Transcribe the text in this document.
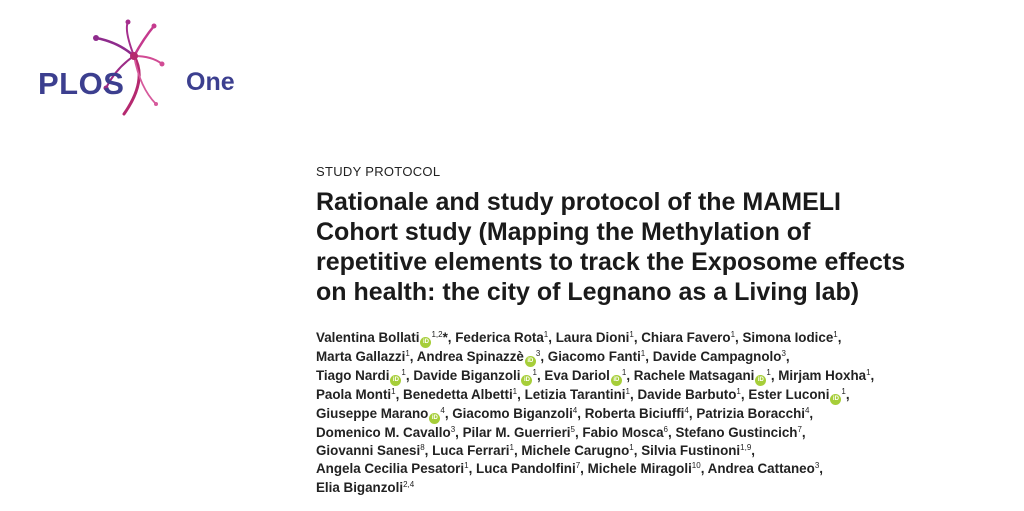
PLOS One
STUDY PROTOCOL
Rationale and study protocol of the MAMELI
Cohort study (Mapping the Methylation of
repetitive elements to track the Exposome effects
on health: the city of Legnano as a Living lab)
Valentina Bollati iD$^{1,2}$*, Federica Rota$^1$, Laura Dioni$^1$, Chiara Favero$^1$, Simona Iodice$^1$,
Marta Gallazzi$^1$, Andrea Spinazzè $iD^3$, Giacomo Fanti$^1$, Davide Campagnolo$^3$,
Tiago Nardi $iD^1$, Davide Biganzoli $iD^1$, Eva Dariol $iD^1$, Rachele Matsagani $iD^1$, Mirjam Hoxha$^1$,
Paola Monti$^1$, Benedetta Albetti$^1$, Letizia Tarantini$^1$, Davide Barbuto$^1$, Ester Luconi $iD^1$,
Giuseppe Marano $iD^4$, Giacomo Biganzoli$^4$, Roberta Biciuffi$^4$, Patrizia Boracchi$^4$,
Domenico M. Cavallo$^3$, Pilar M. Guerrieri$^5$, Fabio Mosca$^6$, Stefano Gustincich$^7$,
Giovanni Sanesi$^8$, Luca Ferrari$^1$, Michele Carugno$^1$, Silvia Fustinoni$^{1,9}$,
Angela Cecilia Pesatori$^1$, Luca Pandolfini$^7$, Michele Miragoli$^{10}$, Andrea Cattaneo$^3$,
Elia Biganzoli$^{2,4}$
